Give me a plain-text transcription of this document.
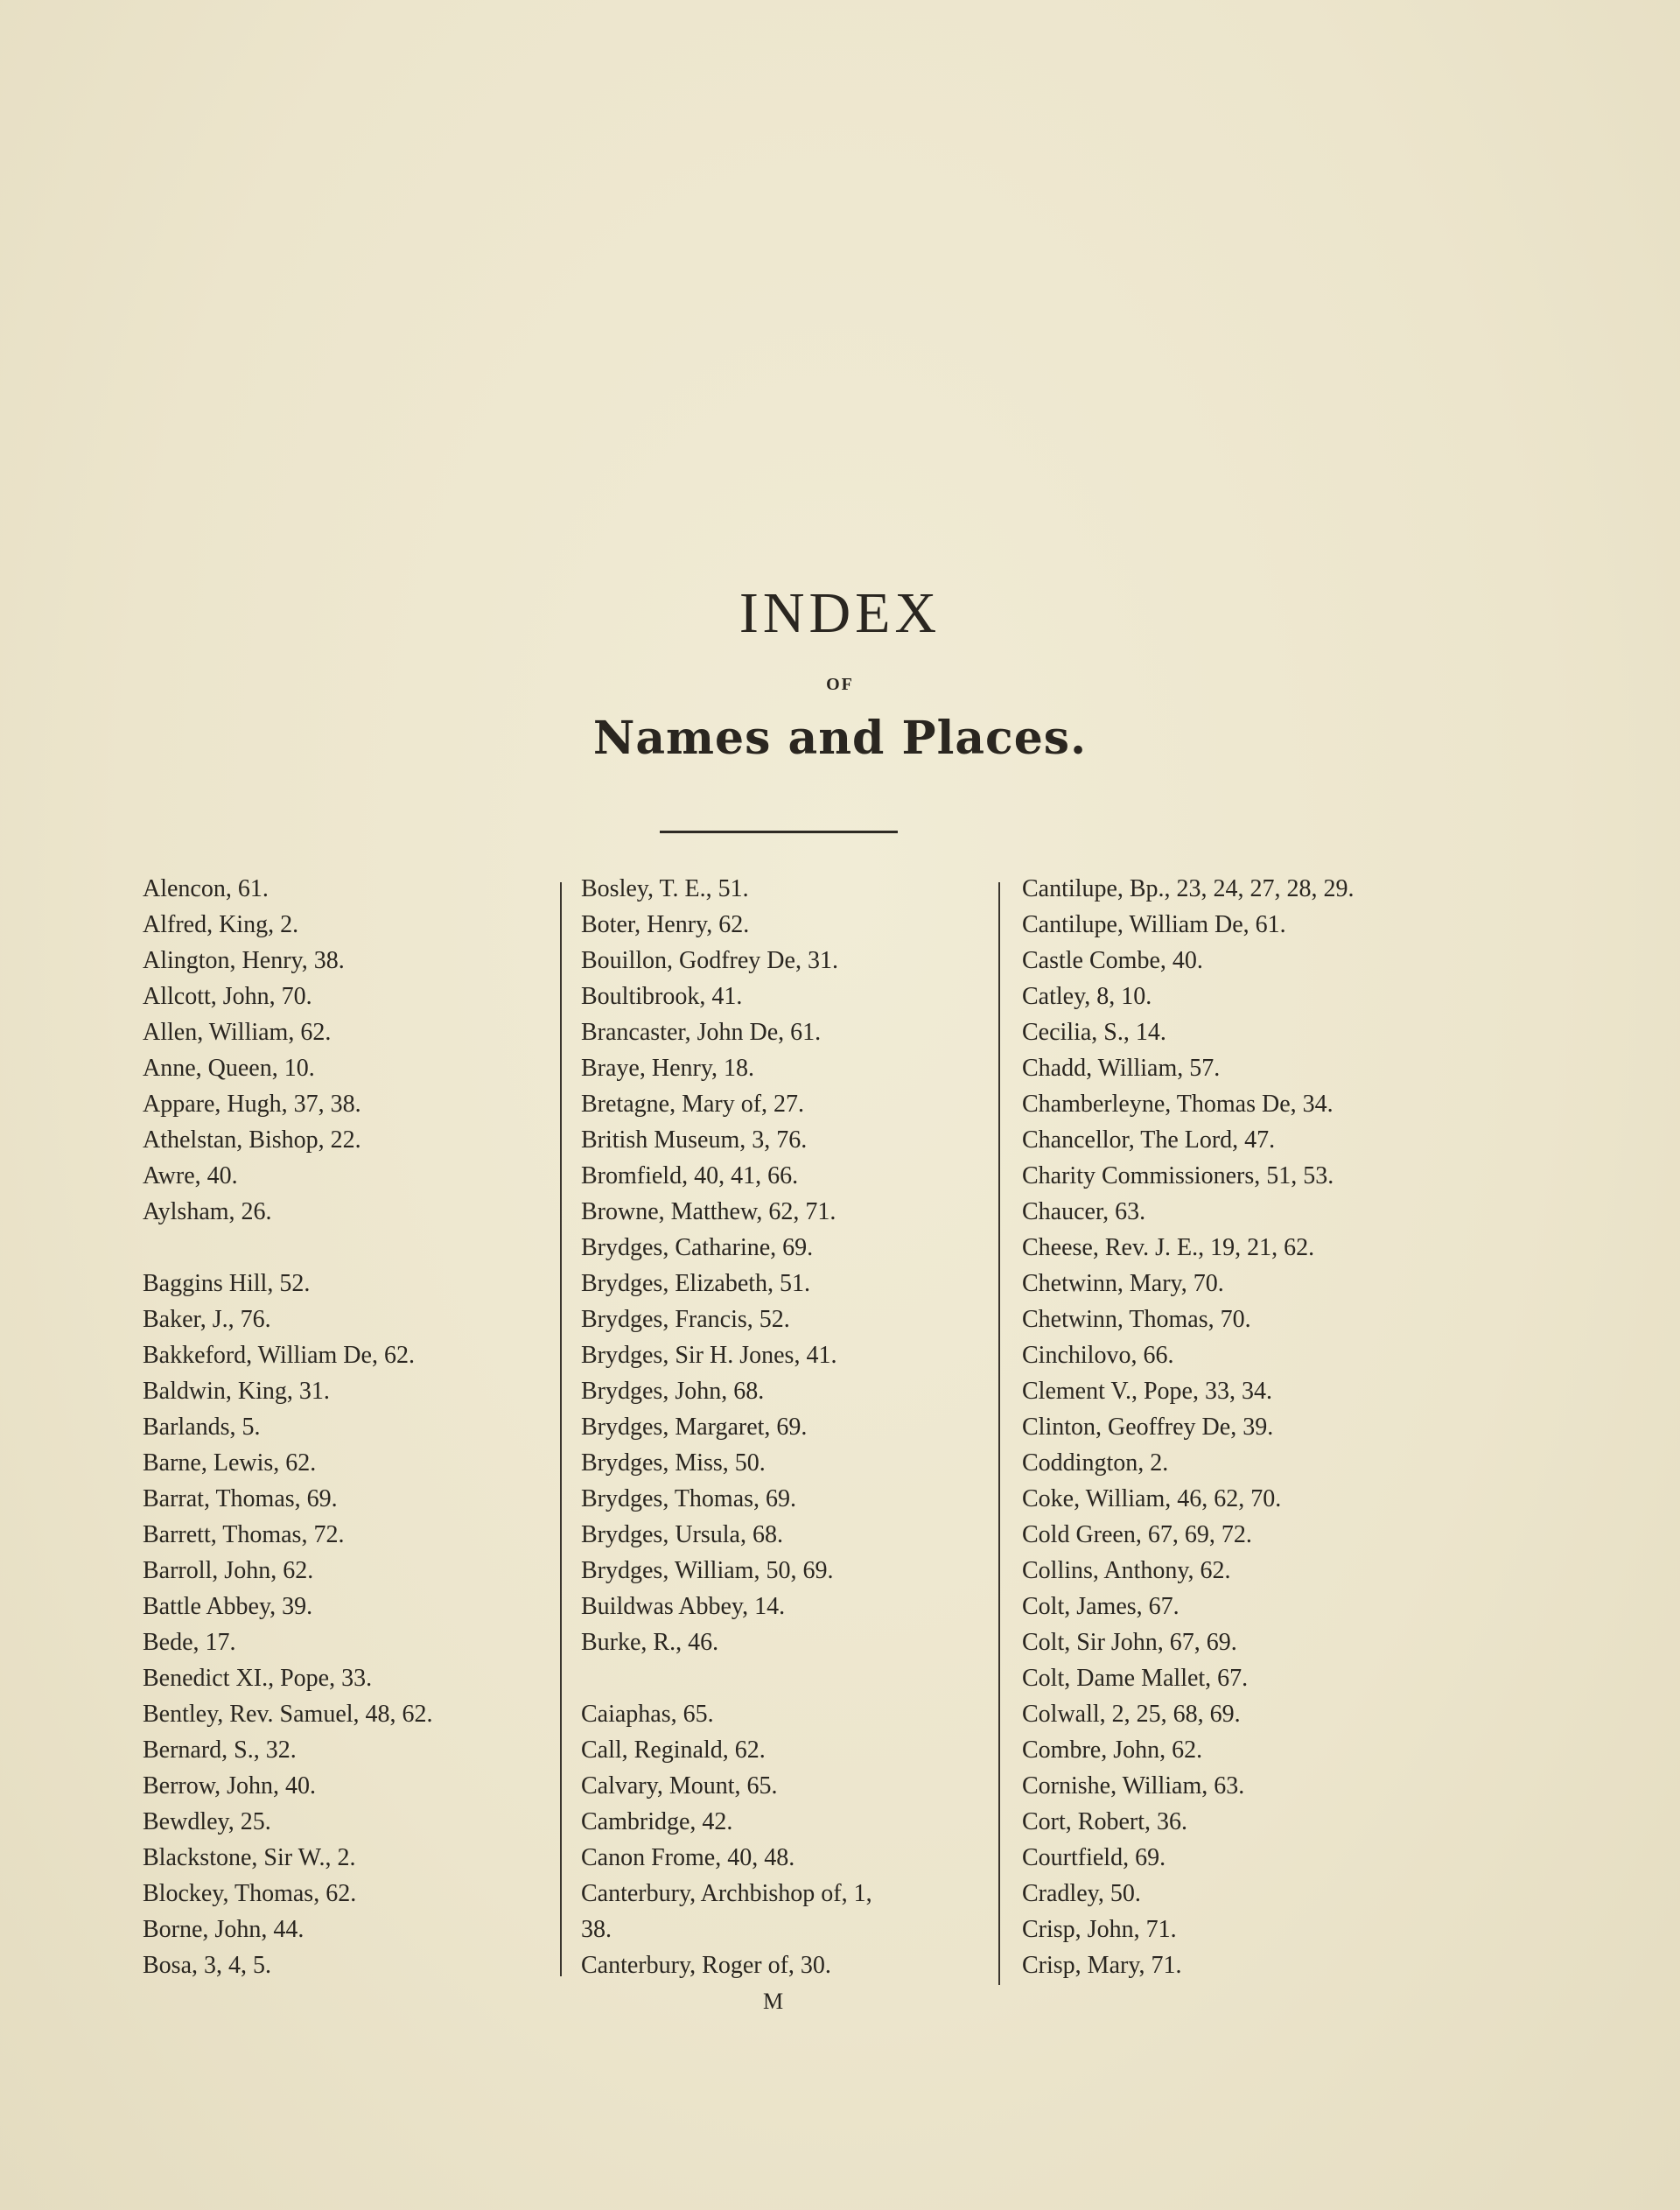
INDEX
OF
Names and Places.
Alencon, 61.
Alfred, King, 2.
Alington, Henry, 38.
Allcott, John, 70.
Allen, William, 62.
Anne, Queen, 10.
Appare, Hugh, 37, 38.
Athelstan, Bishop, 22.
Awre, 40.
Aylsham, 26.
Baggins Hill, 52.
Baker, J., 76.
Bakkeford, William De, 62.
Baldwin, King, 31.
Barlands, 5.
Barne, Lewis, 62.
Barrat, Thomas, 69.
Barrett, Thomas, 72.
Barroll, John, 62.
Battle Abbey, 39.
Bede, 17.
Benedict XI., Pope, 33.
Bentley, Rev. Samuel, 48, 62.
Bernard, S., 32.
Berrow, John, 40.
Bewdley, 25.
Blackstone, Sir W., 2.
Blockey, Thomas, 62.
Borne, John, 44.
Bosa, 3, 4, 5.
Bosley, T. E., 51.
Boter, Henry, 62.
Bouillon, Godfrey De, 31.
Boultibrook, 41.
Brancaster, John De, 61.
Braye, Henry, 18.
Bretagne, Mary of, 27.
British Museum, 3, 76.
Bromfield, 40, 41, 66.
Browne, Matthew, 62, 71.
Brydges, Catharine, 69.
Brydges, Elizabeth, 51.
Brydges, Francis, 52.
Brydges, Sir H. Jones, 41.
Brydges, John, 68.
Brydges, Margaret, 69.
Brydges, Miss, 50.
Brydges, Thomas, 69.
Brydges, Ursula, 68.
Brydges, William, 50, 69.
Buildwas Abbey, 14.
Burke, R., 46.
Caiaphas, 65.
Call, Reginald, 62.
Calvary, Mount, 65.
Cambridge, 42.
Canon Frome, 40, 48.
Canterbury, Archbishop of, 1,
38.
Canterbury, Roger of, 30.
Cantilupe, Bp., 23, 24, 27, 28, 29.
Cantilupe, William De, 61.
Castle Combe, 40.
Catley, 8, 10.
Cecilia, S., 14.
Chadd, William, 57.
Chamberleyne, Thomas De, 34.
Chancellor, The Lord, 47.
Charity Commissioners, 51, 53.
Chaucer, 63.
Cheese, Rev. J. E., 19, 21, 62.
Chetwinn, Mary, 70.
Chetwinn, Thomas, 70.
Cinchilovo, 66.
Clement V., Pope, 33, 34.
Clinton, Geoffrey De, 39.
Coddington, 2.
Coke, William, 46, 62, 70.
Cold Green, 67, 69, 72.
Collins, Anthony, 62.
Colt, James, 67.
Colt, Sir John, 67, 69.
Colt, Dame Mallet, 67.
Colwall, 2, 25, 68, 69.
Combre, John, 62.
Cornishe, William, 63.
Cort, Robert, 36.
Courtfield, 69.
Cradley, 50.
Crisp, John, 71.
Crisp, Mary, 71.
M
